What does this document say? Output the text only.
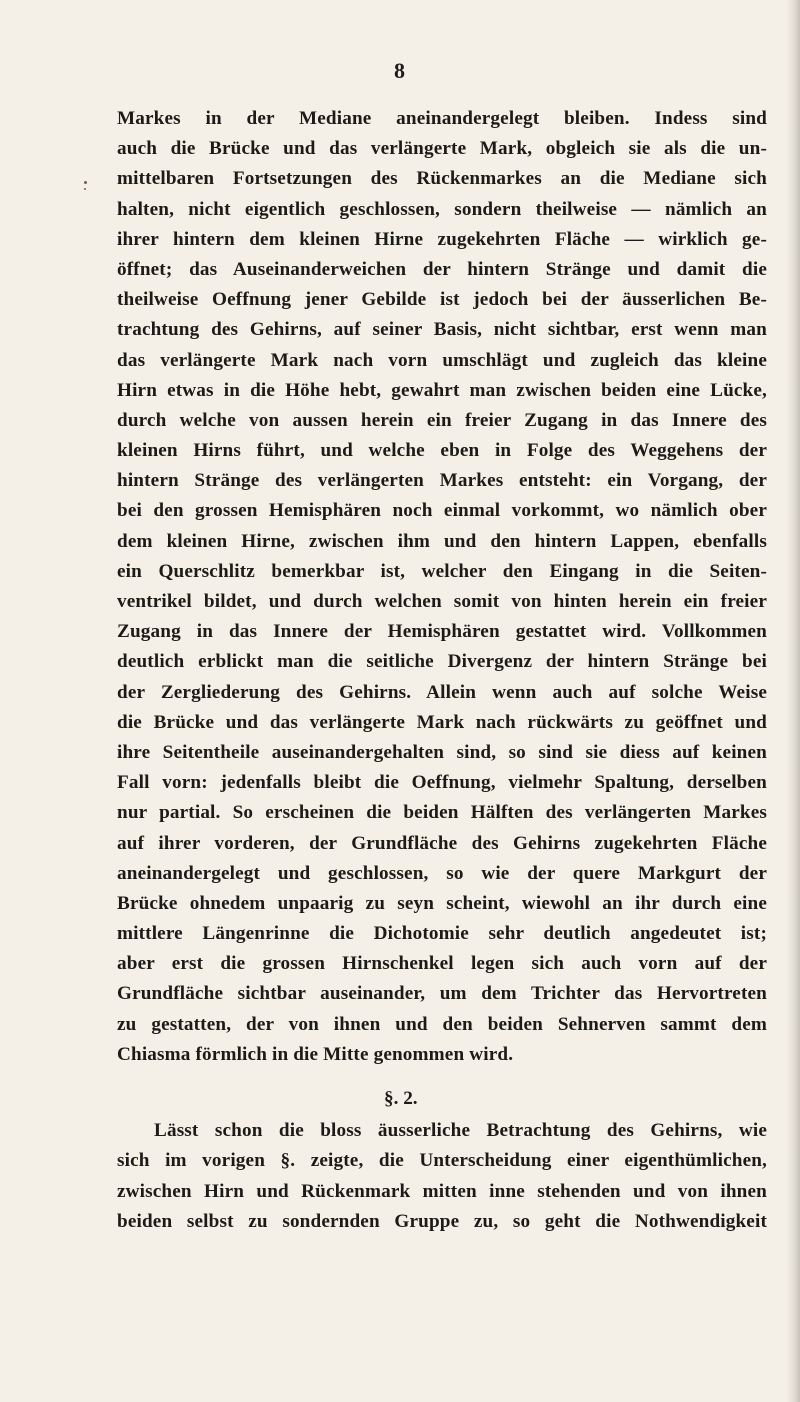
8
Markes in der Mediane aneinandergelegt bleiben. Indess sind
auch die Brücke und das verlängerte Mark, obgleich sie als die un-
mittelbaren Fortsetzungen des Rückenmarkes an die Mediane sich
halten, nicht eigentlich geschlossen, sondern theilweise — nämlich an
ihrer hintern dem kleinen Hirne zugekehrten Fläche — wirklich ge-
öffnet; das Auseinanderweichen der hintern Stränge und damit die
theilweise Oeffnung jener Gebilde ist jedoch bei der äusserlichen Be-
trachtung des Gehirns, auf seiner Basis, nicht sichtbar, erst wenn man
das verlängerte Mark nach vorn umschlägt und zugleich das kleine
Hirn etwas in die Höhe hebt, gewahrt man zwischen beiden eine Lücke,
durch welche von aussen herein ein freier Zugang in das Innere des
kleinen Hirns führt, und welche eben in Folge des Weggehens der
hintern Stränge des verlängerten Markes entsteht: ein Vorgang, der
bei den grossen Hemisphären noch einmal vorkommt, wo nämlich ober
dem kleinen Hirne, zwischen ihm und den hintern Lappen, ebenfalls
ein Querschlitz bemerkbar ist, welcher den Eingang in die Seiten-
ventrikel bildet, und durch welchen somit von hinten herein ein freier
Zugang in das Innere der Hemisphären gestattet wird. Vollkommen
deutlich erblickt man die seitliche Divergenz der hintern Stränge bei
der Zergliederung des Gehirns. Allein wenn auch auf solche Weise
die Brücke und das verlängerte Mark nach rückwärts zu geöffnet und
ihre Seitentheile auseinandergehalten sind, so sind sie diess auf keinen
Fall vorn: jedenfalls bleibt die Oeffnung, vielmehr Spaltung, derselben
nur partial. So erscheinen die beiden Hälften des verlängerten Markes
auf ihrer vorderen, der Grundfläche des Gehirns zugekehrten Fläche
aneinandergelegt und geschlossen, so wie der quere Markgurt der
Brücke ohnedem unpaarig zu seyn scheint, wiewohl an ihr durch eine
mittlere Längenrinne die Dichotomie sehr deutlich angedeutet ist;
aber erst die grossen Hirnschenkel legen sich auch vorn auf der
Grundfläche sichtbar auseinander, um dem Trichter das Hervortreten
zu gestatten, der von ihnen und den beiden Sehnerven sammt dem
Chiasma förmlich in die Mitte genommen wird.
§. 2.
Lässt schon die bloss äusserliche Betrachtung des Gehirns, wie
sich im vorigen §. zeigte, die Unterscheidung einer eigenthümlichen,
zwischen Hirn und Rückenmark mitten inne stehenden und von ihnen
beiden selbst zu sondernden Gruppe zu, so geht die Nothwendigkeit
